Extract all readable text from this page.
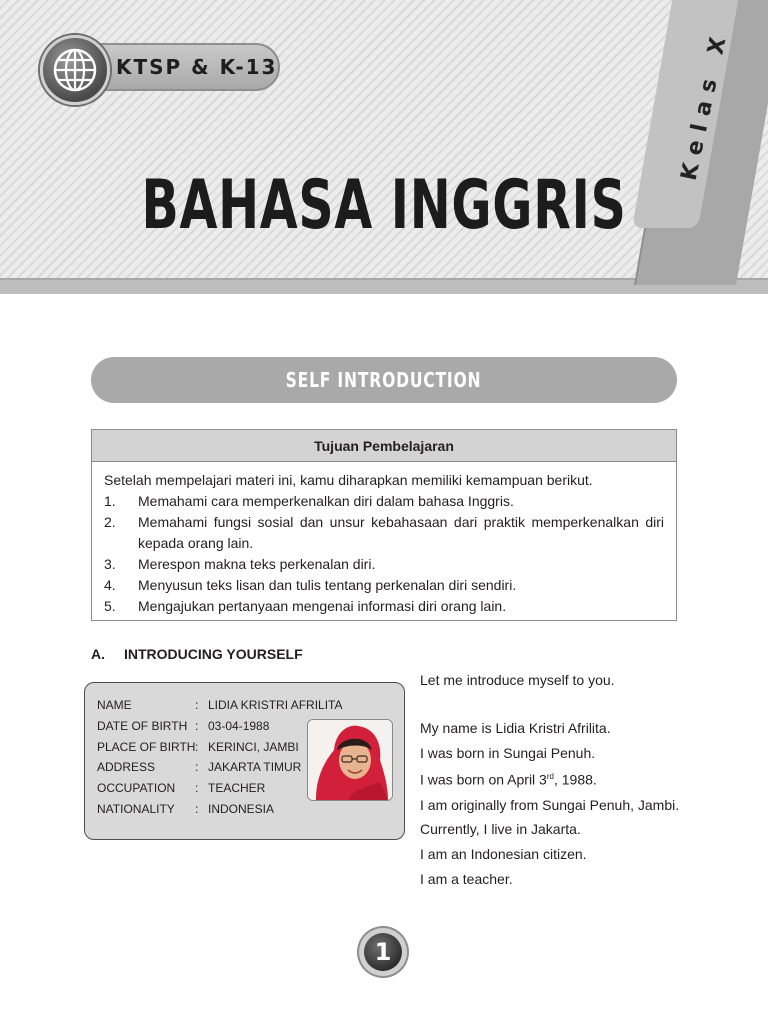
Kelas X
KTSP & K-13
BAHASA INGGRIS
SELF INTRODUCTION
Tujuan Pembelajaran

Setelah mempelajari materi ini, kamu diharapkan memiliki kemampuan berikut.

1.	Memahami cara memperkenalkan diri dalam bahasa Inggris.
2.	Memahami fungsi sosial dan unsur kebahasaan dari praktik memperkenalkan diri kepada orang lain.
3.	Merespon makna teks perkenalan diri.
4.	Menyusun teks lisan dan tulis tentang perkenalan diri sendiri.
5.	Mengajukan pertanyaan mengenai informasi diri orang lain.
A. INTRODUCING YOURSELF
NAME	: LIDIA KRISTRI AFRILITA
DATE OF BIRTH : 03-04-1988
PLACE OF BIRTH : KERINCI, JAMBI
ADDRESS	: JAKARTA TIMUR
OCCUPATION	: TEACHER
NATIONALITY	: INDONESIA

Let me introduce myself to you.

My name is Lidia Kristri Afrilita.

I was born in Sungai Penuh.

I was born on April 3rd, 1988.

I am originally from Sungai Penuh, Jambi.

Currently, I live in Jakarta.

I am an Indonesian citizen.

I am a teacher.

1
